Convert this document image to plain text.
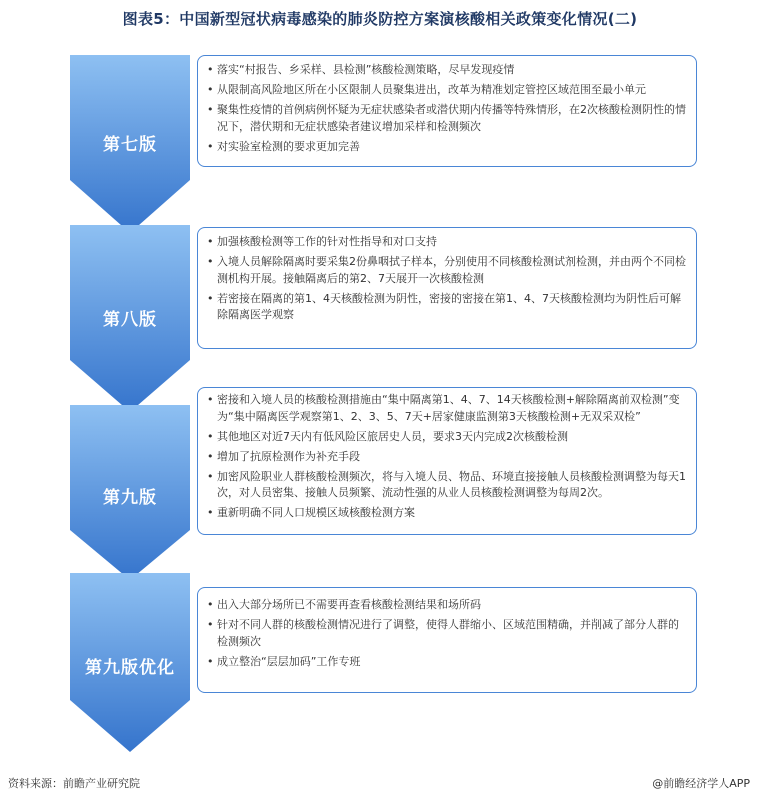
图表5：中国新型冠状病毒感染的肺炎防控方案演核酸相关政策变化情况(二)
第七版
第八版
第九版
第九版优化
• 落实“村报告、乡采样、县检测”核酸检测策略，尽早发现疫情
• 从限制高风险地区所在小区限制人员聚集进出，改革为精准划定管控区域范围至最小单元
• 聚集性疫情的首例病例怀疑为无症状感染者或潜伏期内传播等特殊情形，在2次核酸检测阴性的情况下，潜伏期和无症状感染者建议增加采样和检测频次
• 对实验室检测的要求更加完善
• 加强核酸检测等工作的针对性指导和对口支持
• 入境人员解除隔离时要采集2份鼻咽拭子样本，分别使用不同核酸检测试剂检测，并由两个不同检测机构开展。接触隔离后的第2、7天展开一次核酸检测
• 若密接在隔离的第1、4天核酸检测为阴性，密接的密接在第1、4、7天核酸检测均为阴性后可解除隔离医学观察
• 密接和入境人员的核酸检测措施由“集中隔离第1、4、7、14天核酸检测+解除隔离前双检测”变为“集中隔离医学观察第1、2、3、5、7天+居家健康监测第3天核酸检测+无双采双检”
• 其他地区对近7天内有低风险区旅居史人员，要求3天内完成2次核酸检测
• 增加了抗原检测作为补充手段
• 加密风险职业人群核酸检测频次，将与入境人员、物品、环境直接接触人员核酸检测调整为每天1次，对人员密集、接触人员频繁、流动性强的从业人员核酸检测调整为每周2次。
• 重新明确不同人口规模区域核酸检测方案
• 出入大部分场所已不需要再查看核酸检测结果和场所码
• 针对不同人群的核酸检测情况进行了调整，使得人群缩小、区域范围精确，并削减了部分人群的检测频次
• 成立整治“层层加码”工作专班
资料来源：前瞻产业研究院	@前瞻经济学人APP
